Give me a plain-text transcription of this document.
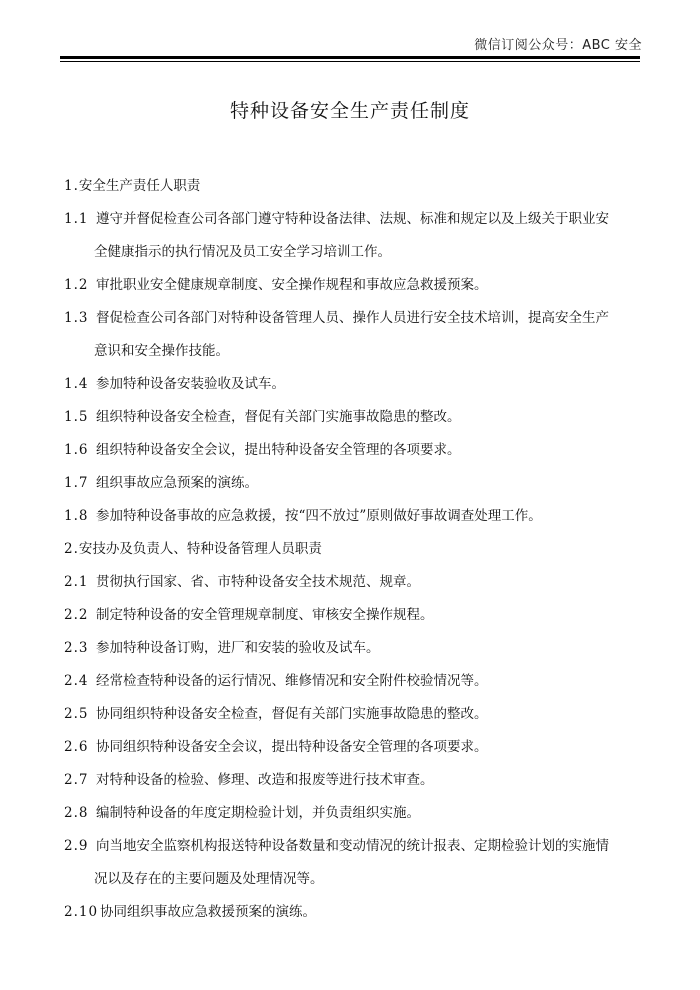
微信订阅公众号：ABC 安全
特种设备安全生产责任制度
1. 安全生产责任人职责
1.1 遵守并督促检查公司各部门遵守特种设备法律、法规、标准和规定以及上级关于职业安
全健康指示的执行情况及员工安全学习培训工作。
1.2 审批职业安全健康规章制度、安全操作规程和事故应急救援预案。
1.3 督促检查公司各部门对特种设备管理人员、操作人员进行安全技术培训，提高安全生产
意识和安全操作技能。
1.4 参加特种设备安装验收及试车。
1.5 组织特种设备安全检查，督促有关部门实施事故隐患的整改。
1.6 组织特种设备安全会议，提出特种设备安全管理的各项要求。
1.7 组织事故应急预案的演练。
1.8 参加特种设备事故的应急救援，按“四不放过”原则做好事故调查处理工作。
2. 安技办及负责人、特种设备管理人员职责
2.1 贯彻执行国家、省、市特种设备安全技术规范、规章。
2.2 制定特种设备的安全管理规章制度、审核安全操作规程。
2.3 参加特种设备订购，进厂和安装的验收及试车。
2.4 经常检查特种设备的运行情况、维修情况和安全附件校验情况等。
2.5 协同组织特种设备安全检查，督促有关部门实施事故隐患的整改。
2.6 协同组织特种设备安全会议，提出特种设备安全管理的各项要求。
2.7 对特种设备的检验、修理、改造和报废等进行技术审查。
2.8 编制特种设备的年度定期检验计划，并负责组织实施。
2.9 向当地安全监察机构报送特种设备数量和变动情况的统计报表、定期检验计划的实施情
况以及存在的主要问题及处理情况等。
2.10 协同组织事故应急救援预案的演练。
